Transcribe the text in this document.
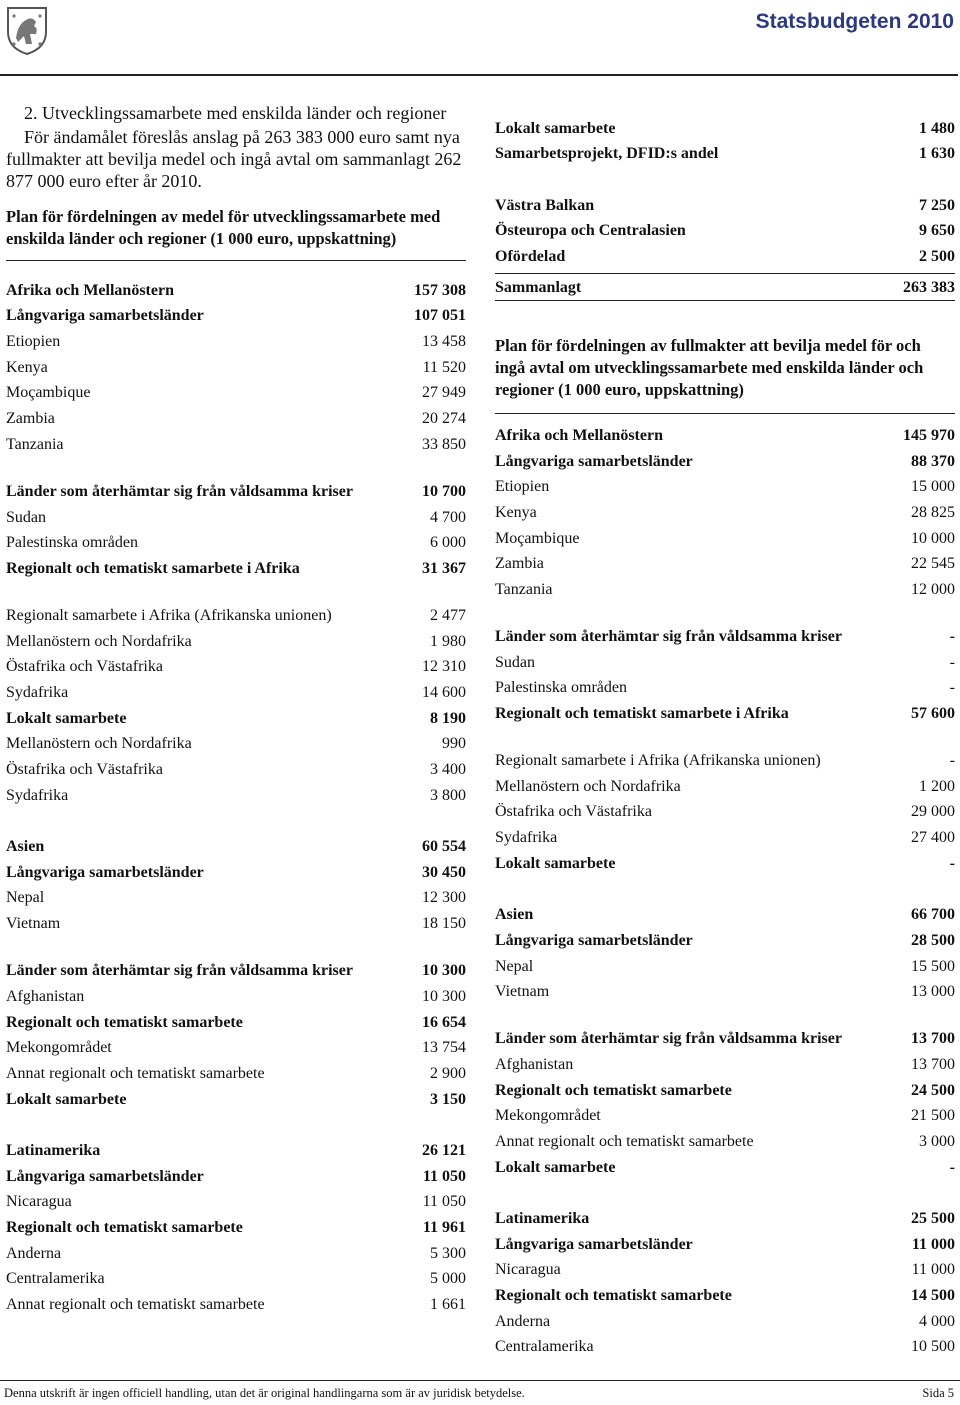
Statsbudgeten 2010

2. Utvecklingssamarbete med enskilda länder och regioner

För ändamålet föreslås anslag på 263 383 000 euro samt nya fullmakter att bevilja medel och ingå avtal om sammanlagt 262 877 000 euro efter år 2010.

Plan för fördelningen av medel för utvecklingssamarbete med enskilda länder och regioner (1 000 euro, uppskattning)

Afrika och Mellanöstern	157 308
Långvariga samarbetsländer	107 051
Etiopien	13 458
Kenya	11 520
Moçambique	27 949
Zambia	20 274
Tanzania	33 850
Länder som återhämtar sig från våldsamma kriser	10 700
Sudan	4 700
Palestinska områden	6 000
Regionalt och tematiskt samarbete i Afrika	31 367
Regionalt samarbete i Afrika (Afrikanska unionen)	2 477
Mellanöstern och Nordafrika	1 980
Östafrika och Västafrika	12 310
Sydafrika	14 600
Lokalt samarbete	8 190
Mellanöstern och Nordafrika	990
Östafrika och Västafrika	3 400
Sydafrika	3 800
Asien	60 554
Långvariga samarbetsländer	30 450
Nepal	12 300
Vietnam	18 150
Länder som återhämtar sig från våldsamma kriser	10 300
Afghanistan	10 300
Regionalt och tematiskt samarbete	16 654
Mekongområdet	13 754
Annat regionalt och tematiskt samarbete	2 900
Lokalt samarbete	3 150
Latinamerika	26 121
Långvariga samarbetsländer	11 050
Nicaragua	11 050
Regionalt och tematiskt samarbete	11 961
Anderna	5 300
Centralamerika	5 000
Annat regionalt och tematiskt samarbete	1 661
Lokalt samarbete	1 480
Samarbetsprojekt, DFID:s andel	1 630
Västra Balkan	7 250
Östeuropa och Centralasien	9 650
Ofördelad	2 500
Sammanlagt	263 383

Plan för fördelningen av fullmakter att bevilja medel för och ingå avtal om utvecklingssamarbete med enskilda länder och regioner (1 000 euro, uppskattning)

Afrika och Mellanöstern	145 970
Långvariga samarbetsländer	88 370
Etiopien	15 000
Kenya	28 825
Moçambique	10 000
Zambia	22 545
Tanzania	12 000
Länder som återhämtar sig från våldsamma kriser	-
Sudan	-
Palestinska områden	-
Regionalt och tematiskt samarbete i Afrika	57 600
Regionalt samarbete i Afrika (Afrikanska unionen)	-
Mellanöstern och Nordafrika	1 200
Östafrika och Västafrika	29 000
Sydafrika	27 400
Lokalt samarbete	-
Asien	66 700
Långvariga samarbetsländer	28 500
Nepal	15 500
Vietnam	13 000
Länder som återhämtar sig från våldsamma kriser	13 700
Afghanistan	13 700
Regionalt och tematiskt samarbete	24 500
Mekongområdet	21 500
Annat regionalt och tematiskt samarbete	3 000
Lokalt samarbete	-
Latinamerika	25 500
Långvariga samarbetsländer	11 000
Nicaragua	11 000
Regionalt och tematiskt samarbete	14 500
Anderna	4 000
Centralamerika	10 500
Denna utskrift är ingen officiell handling, utan det är original handlingarna som är av juridisk betydelse.	Sida 5
